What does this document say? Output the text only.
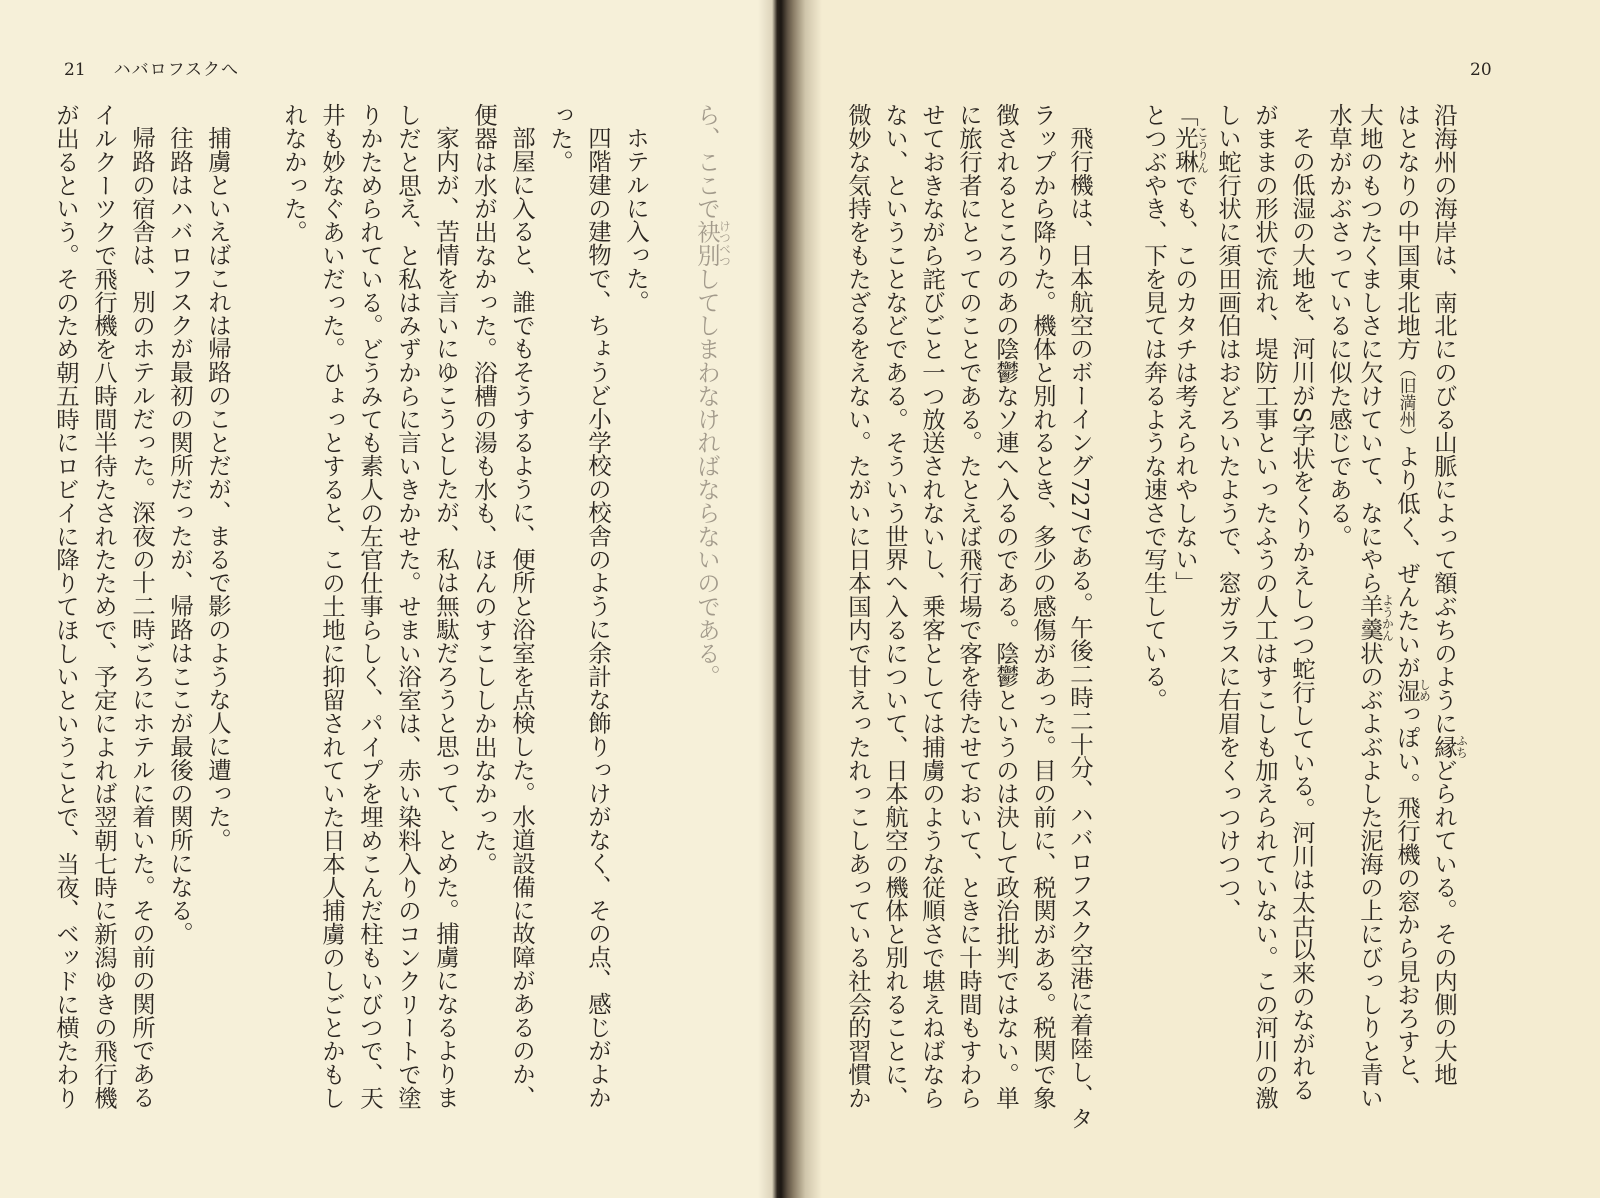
21 ハバロフスクへ

ら、ここで袂別けつべつしてしまわなければならないのである。

ホテルに入った。

四階建の建物で、ちょうど小学校の校舎のように余計な飾りっけがなく、その点、感じがよか

った。

部屋に入ると、誰でもそうするように、便所と浴室を点検した。水道設備に故障があるのか、

便器は水が出なかった。浴槽の湯も水も、ほんのすこししか出なかった。

家内が、苦情を言いにゆこうとしたが、私は無駄だろうと思って、とめた。捕虜になるよりま

しだと思え、と私はみずからに言いきかせた。せまい浴室は、赤い染料入りのコンクリートで塗

りかためられている。どうみても素人の左官仕事らしく、パイプを埋めこんだ柱もいびつで、天

井も妙なぐあいだった。ひょっとすると、この土地に抑留されていた日本人捕虜のしごとかもし

れなかった。

捕虜といえばこれは帰路のことだが、まるで影のような人に遭った。

往路はハバロフスクが最初の関所だったが、帰路はここが最後の関所になる。

帰路の宿舎は、別のホテルだった。深夜の十二時ごろにホテルに着いた。その前の関所である

イルクーツクで飛行機を八時間半待たされたためで、予定によれば翌朝七時に新潟ゆきの飛行機

が出るという。そのため朝五時にロビイに降りてほしいということで、当夜、ベッドに横たわり

20

沿海州の海岸は、南北にのびる山脈によって額ぶちのように縁ふちどられている。その内側の大地

はとなりの中国東北地方（旧満州）より低く、ぜんたいが湿しめっぽい。飛行機の窓から見おろすと、

大地のもつたくましさに欠けていて、なにやら羊羹ようかん状のぶよぶよした泥海の上にびっしりと青い

水草がかぶさっているに似た感じである。

その低湿の大地を、河川がS字状をくりかえしつつ蛇行している。河川は太古以来のながれる

がままの形状で流れ、堤防工事といったふうの人工はすこしも加えられていない。この河川の激

しい蛇行状に須田画伯はおどろいたようで、窓ガラスに右眉をくっつけつつ、

「光琳こうりんでも、このカタチは考えられやしない」

とつぶやき、下を見ては奔るような速さで写生している。

飛行機は、日本航空のボーイング727である。午後二時二十分、ハバロフスク空港に着陸し、タ

ラップから降りた。機体と別れるとき、多少の感傷があった。目の前に、税関がある。税関で象

徴されるところのあの陰鬱なソ連へ入るのである。陰鬱というのは決して政治批判ではない。単

に旅行者にとってのことである。たとえば飛行場で客を待たせておいて、ときに十時間もすわら

せておきながら詫びごと一つ放送されないし、乗客としては捕虜のような従順さで堪えねばなら

ない、ということなどである。そういう世界へ入るについて、日本航空の機体と別れることに、

微妙な気持をもたざるをえない。たがいに日本国内で甘えったれっこしあっている社会的習慣か
